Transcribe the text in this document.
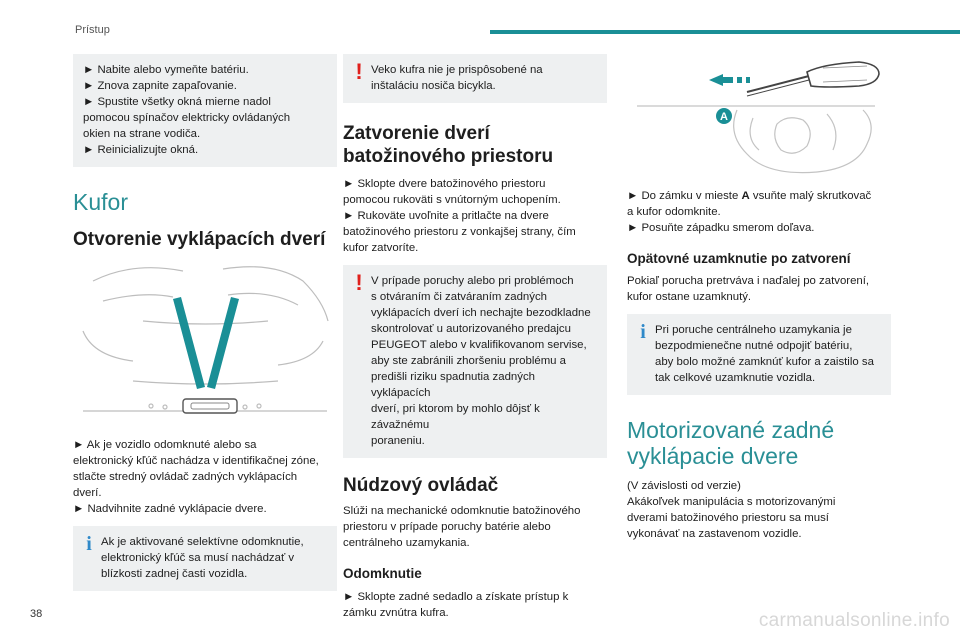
Prístup
► Nabite alebo vymeňte batériu.
► Znova zapnite zapaľovanie.
► Spustite všetky okná mierne nadol
pomocou spínačov elektricky ovládaných
okien na strane vodiča.
► Reinicializujte okná.
Kufor
Otvorenie vyklápacích dverí
► Ak je vozidlo odomknuté alebo sa
elektronický kľúč nachádza v identifikačnej zóne,
stlačte stredný ovládač zadných vyklápacích
dverí.
► Nadvihnite zadné vyklápacie dvere.
i Ak je aktivované selektívne odomknutie,
elektronický kľúč sa musí nachádzať v
blízkosti zadnej časti vozidla.
! Veko kufra nie je prispôsobené na
inštaláciu nosiča bicykla.
Zatvorenie dverí
batožinového priestoru
► Sklopte dvere batožinového priestoru
pomocou rukoväti s vnútorným uchopením.
► Rukoväte uvoľnite a pritlačte na dvere
batožinového priestoru z vonkajšej strany, čím
kufor zatvoríte.
! V prípade poruchy alebo pri problémoch
s otváraním či zatváraním zadných
vyklápacích dverí ich nechajte bezodkladne
skontrolovať u autorizovaného predajcu
PEUGEOT alebo v kvalifikovanom servise,
aby ste zabránili zhoršeniu problému a
predišli riziku spadnutia zadných vyklápacích
dverí, pri ktorom by mohlo dôjsť k závažnému
poraneniu.
Núdzový ovládač
Slúži na mechanické odomknutie batožinového
priestoru v prípade poruchy batérie alebo
centrálneho uzamykania.
Odomknutie
► Sklopte zadné sedadlo a získate prístup k
zámku zvnútra kufra.
A
► Do zámku v mieste A vsuňte malý skrutkovač
a kufor odomknite.
► Posuňte západku smerom doľava.
Opätovné uzamknutie po zatvorení
Pokiaľ porucha pretrváva i naďalej po zatvorení,
kufor ostane uzamknutý.
i Pri poruche centrálneho uzamykania je
bezpodmienečne nutné odpojiť batériu,
aby bolo možné zamknúť kufor a zaistilo sa
tak celkové uzamknutie vozidla.
Motorizované zadné
vyklápacie dvere
(V závislosti od verzie)
Akákoľvek manipulácia s motorizovanými
dverami batožinového priestoru sa musí
vykonávať na zastavenom vozidle.
38	carmanualsonline.info
